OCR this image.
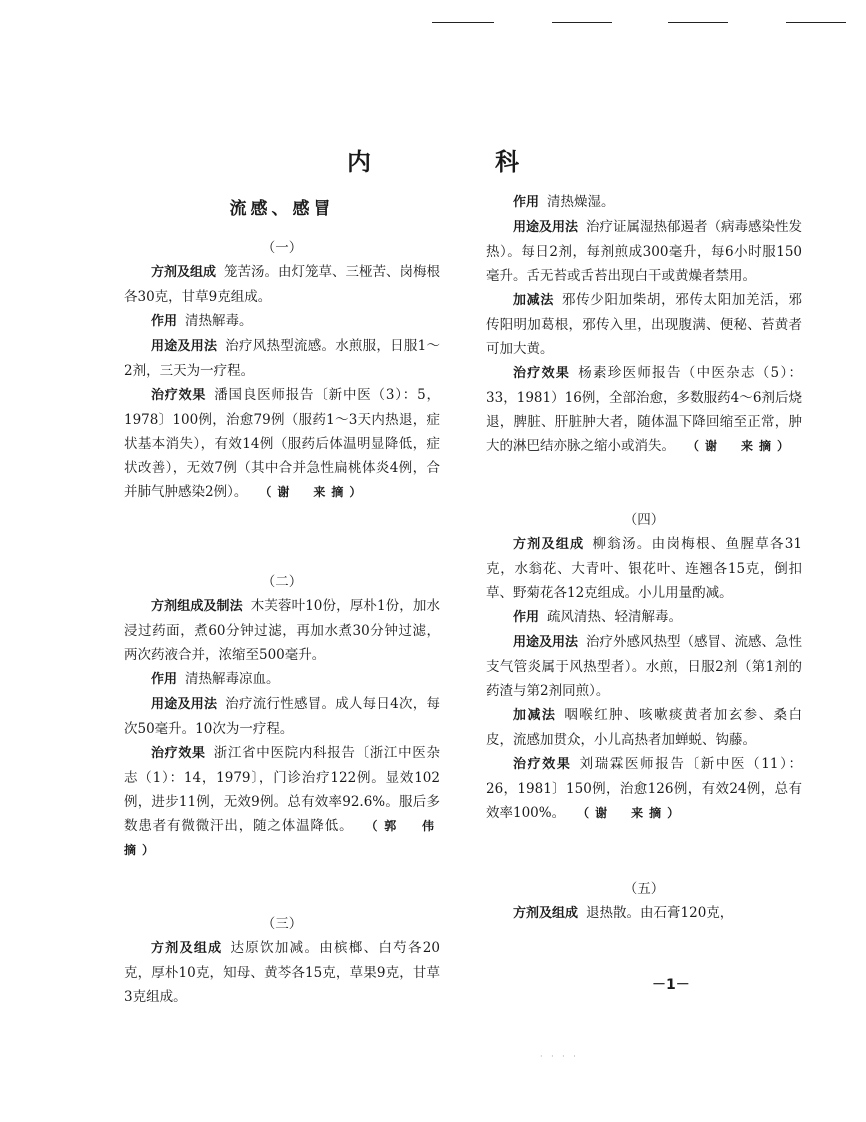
内　科
流感、感冒
（一）

方剂及组成 笼苦汤。由灯笼草、三桠苦、岗梅根各30克，甘草9克组成。

作用 清热解毒。

用途及用法 治疗风热型流感。水煎服，日服1～2剂，三天为一疗程。

治疗效果 潘国良医师报告〔新中医（3）：5，1978〕100例，治愈79例（服药1～3天内热退，症状基本消失），有效14例（服药后体温明显降低，症状改善），无效7例（其中合并急性扁桃体炎4例，合并肺气肿感染2例）。 （谢　来摘）

（二）

方剂组成及制法 木芙蓉叶10份，厚朴1份，加水浸过药面，煮60分钟过滤，再加水煮30分钟过滤，两次药液合并，浓缩至500毫升。

作用 清热解毒凉血。

用途及用法 治疗流行性感冒。成人每日4次，每次50毫升。10次为一疗程。

治疗效果 浙江省中医院内科报告〔浙江中医杂志（1）：14，1979〕，门诊治疗122例。显效102例，进步11例，无效9例。总有效率92.6%。服后多数患者有微微汗出，随之体温降低。 （郭　伟摘）

（三）

方剂及组成 达原饮加减。由槟榔、白芍各20克，厚朴10克，知母、黄芩各15克，草果9克，甘草3克组成。

作用 清热燥湿。

用途及用法 治疗证属湿热郁遏者（病毒感染性发热）。每日2剂，每剂煎成300毫升，每6小时服150毫升。舌无苔或舌苔出现白干或黄燥者禁用。

加减法 邪传少阳加柴胡，邪传太阳加羌活，邪传阳明加葛根，邪传入里，出现腹满、便秘、苔黄者可加大黄。

治疗效果 杨素珍医师报告（中医杂志（5）：33，1981）16例，全部治愈，多数服药4～6剂后烧退，脾脏、肝脏肿大者，随体温下降回缩至正常，肿大的淋巴结亦脉之缩小或消失。 （谢　来摘）

（四）

方剂及组成 柳翁汤。由岗梅根、鱼腥草各31克，水翁花、大青叶、银花叶、连翘各15克，倒扣草、野菊花各12克组成。小儿用量酌减。

作用 疏风清热、轻清解毒。

用途及用法 治疗外感风热型（感冒、流感、急性支气管炎属于风热型者）。水煎，日服2剂（第1剂的药渣与第2剂同煎）。

加减法 咽喉红肿、咳嗽痰黄者加玄参、桑白皮，流感加贯众，小儿高热者加蝉蜕、钩藤。

治疗效果 刘瑞霖医师报告〔新中医（11）：26，1981〕150例，治愈126例，有效24例，总有效率100%。 （谢　来摘）

（五）

方剂及组成 退热散。由石膏120克，

－1－
· · · ·
